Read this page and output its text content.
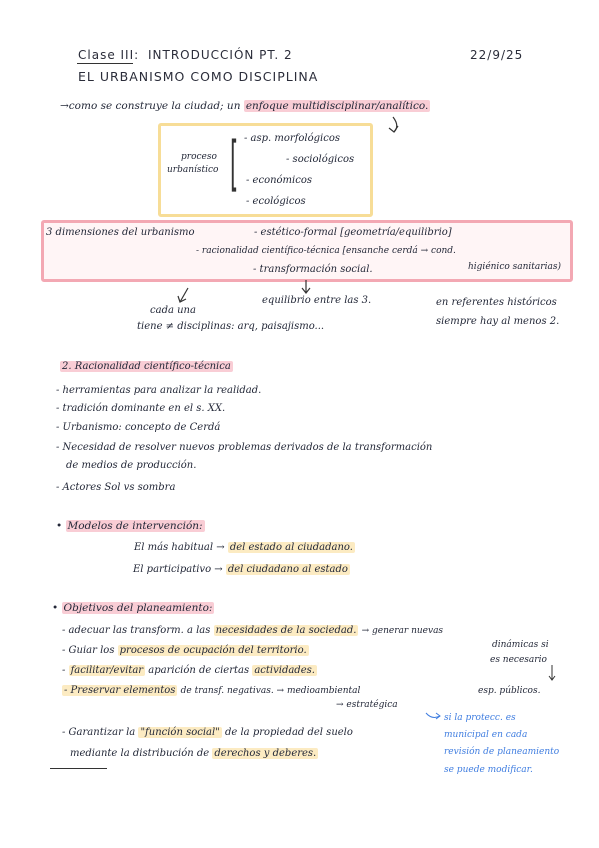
Clase III: INTRODUCCIÓN PT. 2	22/9/25
EL URBANISMO COMO DISCIPLINA
→como se construye la ciudad; un enfoque multidisciplinar/analítico.
proceso
urbanístico [ - asp. morfológicos
- sociológicos
- económicos
- ecológicos
3 dimensiones del urbanismo	- estético-formal [geometría/equilibrio]
- racionalidad científico-técnica [ensanche cerdá → cond.
higiénico sanitarias)
- transformación social.
cada una
tiene ≠ disciplinas: arq, paisajismo...
equilibrio entre las 3.	en referentes históricos
siempre hay al menos 2.
2. Racionalidad científico-técnica
- herramientas para analizar la realidad.
- tradición dominante en el s. XX.
- Urbanismo: concepto de Cerdá
- Necesidad de resolver nuevos problemas derivados de la transformación
de medios de producción.
- Actores Sol vs sombra
• Modelos de intervención:
El más habitual → del estado al ciudadano.
El participativo → del ciudadano al estado
• Objetivos del planeamiento:
- adecuar las transform. a las necesidades de la sociedad. → generar nuevas
dinámicas si
- Guiar los procesos de ocupación del territorio.
es necesario
- facilitar/evitar aparición de ciertas actividades.
- Preservar elementos de transf. negativas. → medioambiental	esp. públicos.
→ estratégica
- Garantizar la "función social" de la propiedad del suelo
mediante la distribución de derechos y deberes.
si la protecc. es
municipal en cada
revisión de planeamiento
se puede modificar.
